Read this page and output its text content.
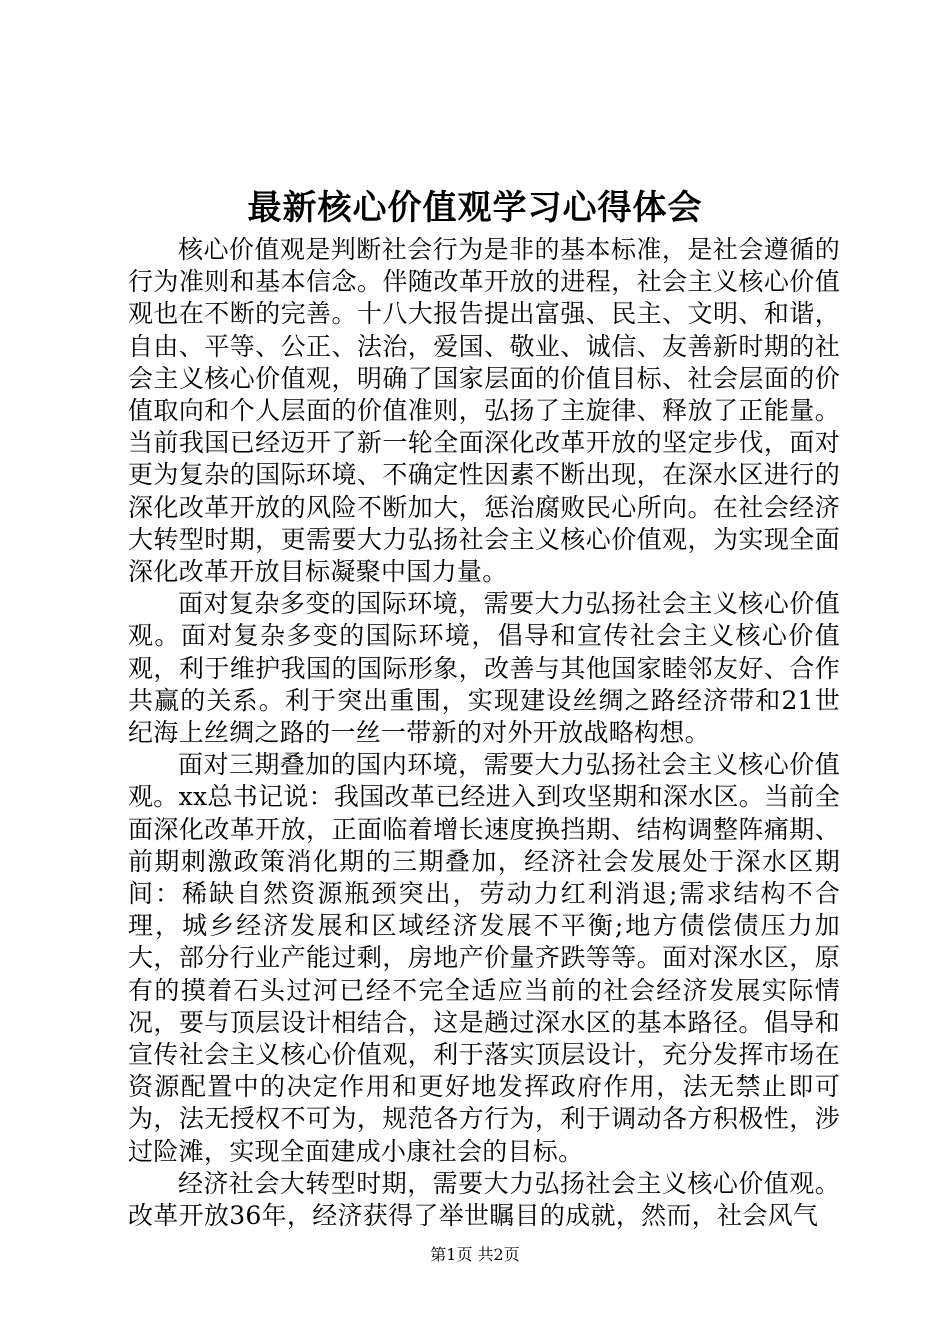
最新核心价值观学习心得体会

核心价值观是判断社会行为是非的基本标准，是社会遵循的行为准则和基本信念。伴随改革开放的进程，社会主义核心价值观也在不断的完善。十八大报告提出富强、民主、文明、和谐，自由、平等、公正、法治，爱国、敬业、诚信、友善新时期的社会主义核心价值观，明确了国家层面的价值目标、社会层面的价值取向和个人层面的价值准则，弘扬了主旋律、释放了正能量。当前我国已经迈开了新一轮全面深化改革开放的坚定步伐，面对更为复杂的国际环境、不确定性因素不断出现，在深水区进行的深化改革开放的风险不断加大，惩治腐败民心所向。在社会经济大转型时期，更需要大力弘扬社会主义核心价值观，为实现全面深化改革开放目标凝聚中国力量。

面对复杂多变的国际环境，需要大力弘扬社会主义核心价值观。面对复杂多变的国际环境，倡导和宣传社会主义核心价值观，利于维护我国的国际形象，改善与其他国家睦邻友好、合作共赢的关系。利于突出重围，实现建设丝绸之路经济带和21世纪海上丝绸之路的一丝一带新的对外开放战略构想。

面对三期叠加的国内环境，需要大力弘扬社会主义核心价值观。xx总书记说：我国改革已经进入到攻坚期和深水区。当前全面深化改革开放，正面临着增长速度换挡期、结构调整阵痛期、前期刺激政策消化期的三期叠加，经济社会发展处于深水区期间：稀缺自然资源瓶颈突出，劳动力红利消退;需求结构不合理，城乡经济发展和区域经济发展不平衡;地方债偿债压力加大，部分行业产能过剩，房地产价量齐跌等等。面对深水区，原有的摸着石头过河已经不完全适应当前的社会经济发展实际情况，要与顶层设计相结合，这是趟过深水区的基本路径。倡导和宣传社会主义核心价值观，利于落实顶层设计，充分发挥市场在资源配置中的决定作用和更好地发挥政府作用，法无禁止即可为，法无授权不可为，规范各方行为，利于调动各方积极性，涉过险滩，实现全面建成小康社会的目标。

经济社会大转型时期，需要大力弘扬社会主义核心价值观。改革开放36年，经济获得了举世瞩目的成就，然而，社会风气

第1页 共2页
